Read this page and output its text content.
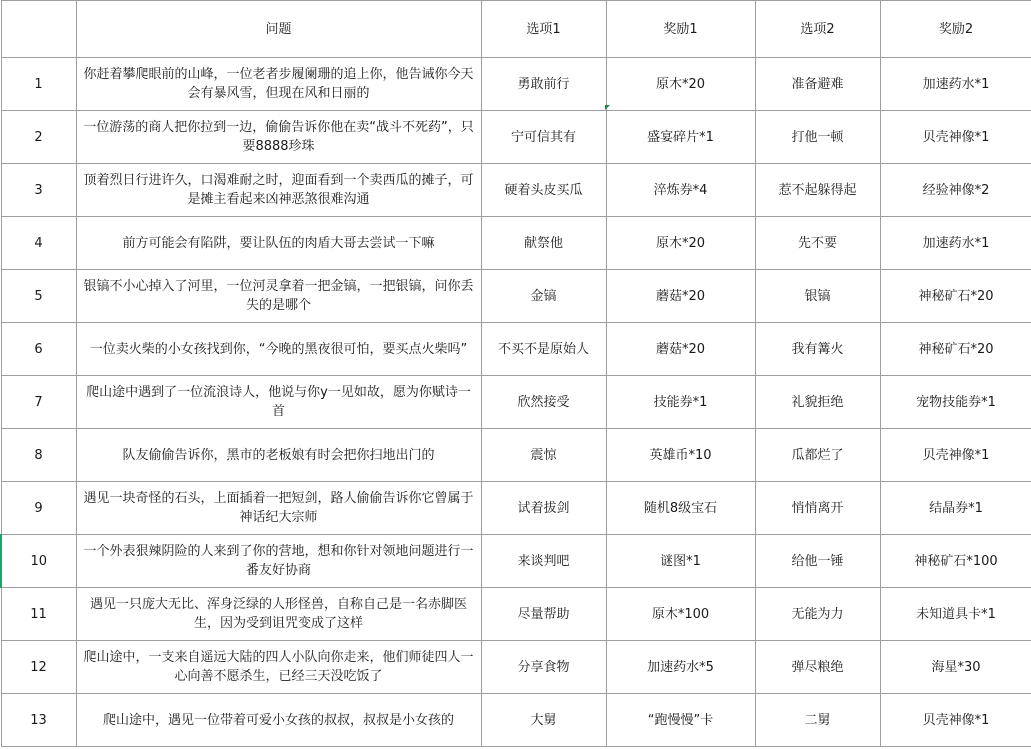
	问题	选项1	奖励1	选项2	奖励2
1	你赶着攀爬眼前的山峰，一位老者步履阑珊的追上你，他告诫你今天会有暴风雪，但现在风和日丽的	勇敢前行	原木*20	准备避难	加速药水*1
2	一位游荡的商人把你拉到一边，偷偷告诉你他在卖“战斗不死药”，只要8888珍珠	宁可信其有	盛宴碎片*1	打他一顿	贝壳神像*1
3	顶着烈日行进许久，口渴难耐之时，迎面看到一个卖西瓜的摊子，可是摊主看起来凶神恶煞很难沟通	硬着头皮买瓜	淬炼券*4	惹不起躲得起	经验神像*2
4	前方可能会有陷阱，要让队伍的肉盾大哥去尝试一下嘛	献祭他	原木*20	先不要	加速药水*1
5	银镐不小心掉入了河里，一位河灵拿着一把金镐，一把银镐，问你丢失的是哪个	金镐	蘑菇*20	银镐	神秘矿石*20
6	一位卖火柴的小女孩找到你，“今晚的黑夜很可怕，要买点火柴吗”	不买不是原始人	蘑菇*20	我有篝火	神秘矿石*20
7	爬山途中遇到了一位流浪诗人，他说与你y一见如故，愿为你赋诗一首	欣然接受	技能券*1	礼貌拒绝	宠物技能券*1
8	队友偷偷告诉你，黑市的老板娘有时会把你扫地出门的	震惊	英雄币*10	瓜都烂了	贝壳神像*1
9	遇见一块奇怪的石头，上面插着一把短剑，路人偷偷告诉你它曾属于神话纪大宗师	试着拔剑	随机8级宝石	悄悄离开	结晶券*1
10	一个外表狠辣阴险的人来到了你的营地，想和你针对领地问题进行一番友好协商	来谈判吧	谜图*1	给他一锤	神秘矿石*100
11	遇见一只庞大无比、浑身泛绿的人形怪兽，自称自己是一名赤脚医生，因为受到诅咒变成了这样	尽量帮助	原木*100	无能为力	未知道具卡*1
12	爬山途中，一支来自遥远大陆的四人小队向你走来，他们师徒四人一心向善不愿杀生，已经三天没吃饭了	分享食物	加速药水*5	弹尽粮绝	海星*30
13	爬山途中，遇见一位带着可爱小女孩的叔叔，叔叔是小女孩的	大舅	“跑慢慢”卡	二舅	贝壳神像*1
